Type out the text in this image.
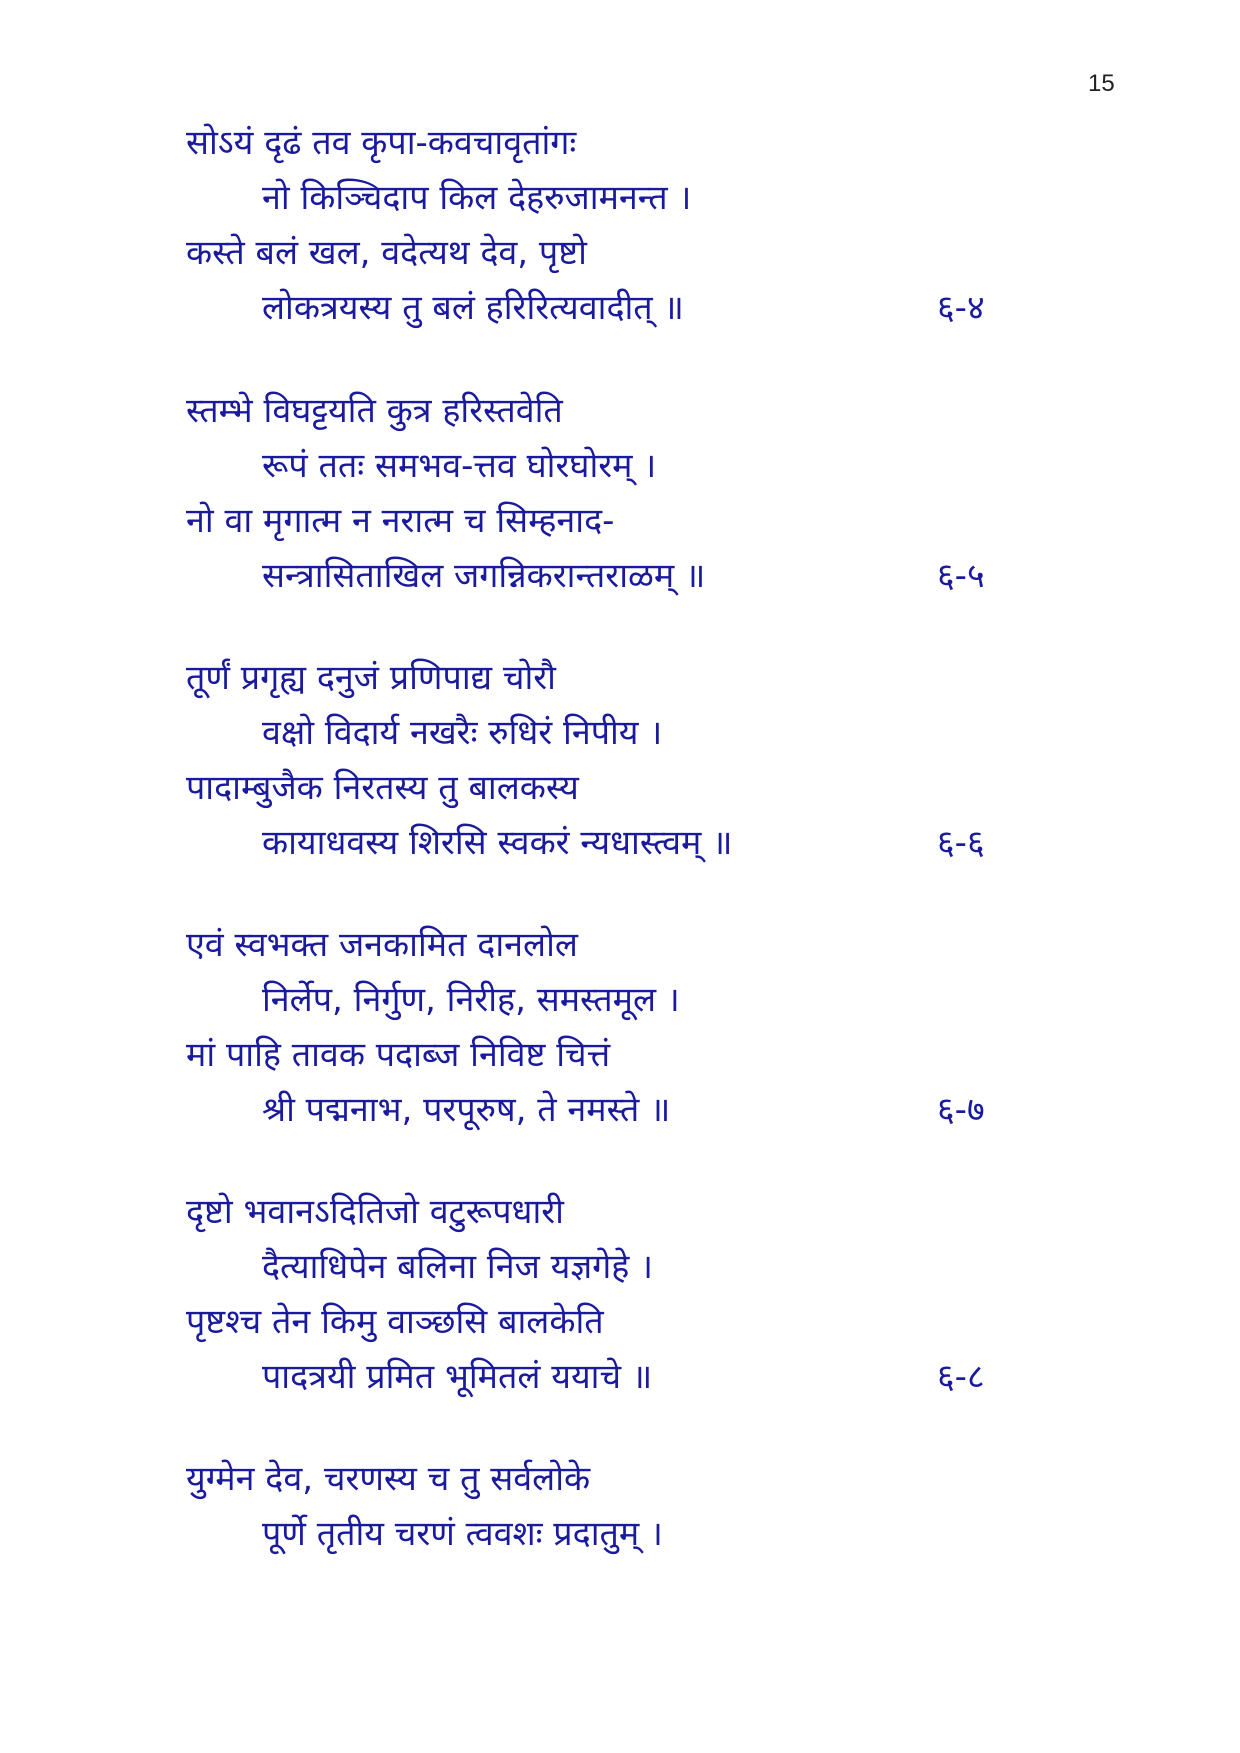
15
सोऽयं दृढं तव कृपा-कवचावृतांगः
नो किञ्चिदाप किल देहरुजामनन्त ।
कस्ते बलं खल, वदेत्यथ देव, पृष्टो
लोकत्रयस्य तु बलं हरिरित्यवादीत् ॥	६-४
स्तम्भे विघट्टयति कुत्र हरिस्तवेति
रूपं ततः समभव-त्तव घोरघोरम् ।
नो वा मृगात्म न नरात्म च सिम्हनाद-
सन्त्रासिताखिल जगन्निकरान्तराळम् ॥	६-५
तूर्णं प्रगृह्य दनुजं प्रणिपाद्य चोरौ
वक्षो विदार्य नखरैः रुधिरं निपीय ।
पादाम्बुजैक निरतस्य तु बालकस्य
कायाधवस्य शिरसि स्वकरं न्यधास्त्वम् ॥	६-६
एवं स्वभक्त जनकामित दानलोल
निर्लेप, निर्गुण, निरीह, समस्तमूल ।
मां पाहि तावक पदाब्ज निविष्ट चित्तं
श्री पद्मनाभ, परपूरुष, ते नमस्ते ॥	६-७
दृष्टो भवानऽदितिजो वटुरूपधारी
दैत्याधिपेन बलिना निज यज्ञगेहे ।
पृष्टश्च तेन किमु वाञ्छसि बालकेति
पादत्रयी प्रमित भूमितलं ययाचे ॥	६-८
युग्मेन देव, चरणस्य च तु सर्वलोके
पूर्णे तृतीय चरणं त्ववशः प्रदातुम् ।
